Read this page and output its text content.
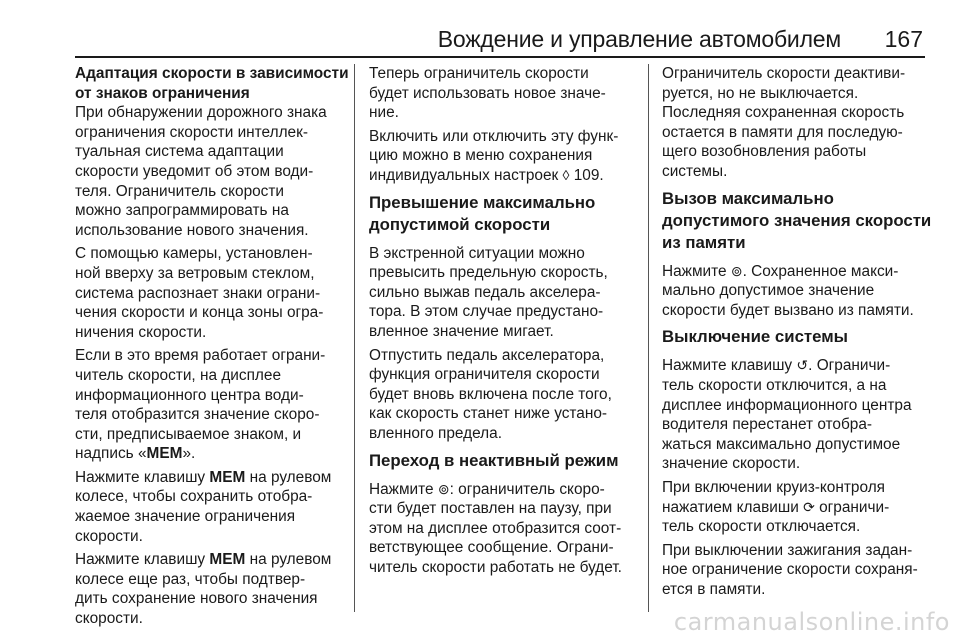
Вождение и управление автомобилем 167
Адаптация скорости в зависимости
от знаков ограничения
При обнаружении дорожного знака
ограничения скорости интеллек-
туальная система адаптации
скорости уведомит об этом води-
теля. Ограничитель скорости
можно запрограммировать на
использование нового значения.
С помощью камеры, установлен-
ной вверху за ветровым стеклом,
система распознает знаки ограни-
чения скорости и конца зоны огра-
ничения скорости.
Если в это время работает ограни-
читель скорости, на дисплее
информационного центра води-
теля отобразится значение скоро-
сти, предписываемое знаком, и
надпись «MEM».
Нажмите клавишу MEM на рулевом
колесе, чтобы сохранить отобра-
жаемое значение ограничения
скорости.
Нажмите клавишу MEM на рулевом
колесе еще раз, чтобы подтвер-
дить сохранение нового значения
скорости.
Теперь ограничитель скорости
будет использовать новое значе-
ние.
Включить или отключить эту функ-
цию можно в меню сохранения
индивидуальных настроек ◊ 109.
Превышение максимально
допустимой скорости
В экстренной ситуации можно
превысить предельную скорость,
сильно выжав педаль акселера-
тора. В этом случае предустано-
вленное значение мигает.
Отпустить педаль акселератора,
функция ограничителя скорости
будет вновь включена после того,
как скорость станет ниже устано-
вленного предела.
Переход в неактивный режим
Нажмите ⊚: ограничитель скоро-
сти будет поставлен на паузу, при
этом на дисплее отобразится соот-
ветствующее сообщение. Ограни-
читель скорости работать не будет.
Ограничитель скорости деактиви-
руется, но не выключается.
Последняя сохраненная скорость
остается в памяти для последую-
щего возобновления работы
системы.
Вызов максимально
допустимого значения скорости
из памяти
Нажмите ⊚. Сохраненное макси-
мально допустимое значение
скорости будет вызвано из памяти.
Выключение системы
Нажмите клавишу ↺. Ограничи-
тель скорости отключится, а на
дисплее информационного центра
водителя перестанет отобра-
жаться максимально допустимое
значение скорости.
При включении круиз-контроля
нажатием клавиши ⟳ ограничи-
тель скорости отключается.
При выключении зажигания задан-
ное ограничение скорости сохраня-
ется в памяти.
carmanualsonline.info
